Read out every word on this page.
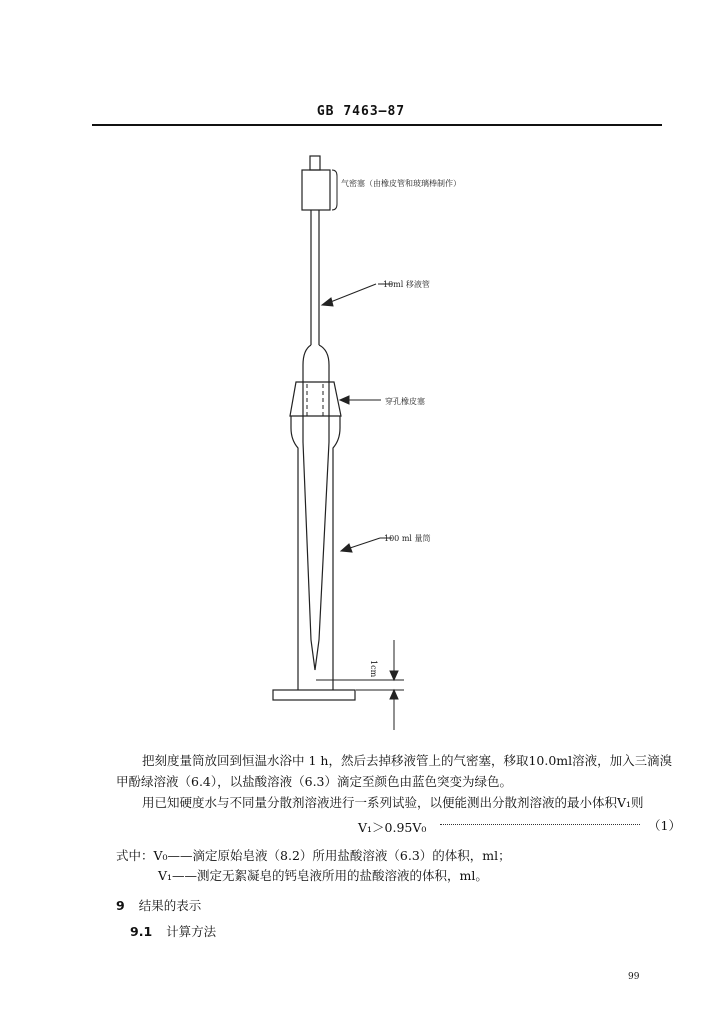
GB 7463—87
气密塞（由橡皮管和玻璃棒制作）
10ml 移液管
穿孔橡皮塞
100 ml 量筒
1cm
把刻度量筒放回到恒温水浴中 1 h，然后去掉移液管上的气密塞，移取10.0ml溶液，加入三滴溴
甲酚绿溶液（6.4），以盐酸溶液（6.3）滴定至颜色由蓝色突变为绿色。
用已知硬度水与不同量分散剂溶液进行一系列试验，以便能测出分散剂溶液的最小体积V₁则
V₁＞0.95V₀	（1）
式中：V₀——滴定原始皂液（8.2）所用盐酸溶液（6.3）的体积，ml；
V₁——测定无絮凝皂的钙皂液所用的盐酸溶液的体积，ml。
9 结果的表示
9.1 计算方法
99
